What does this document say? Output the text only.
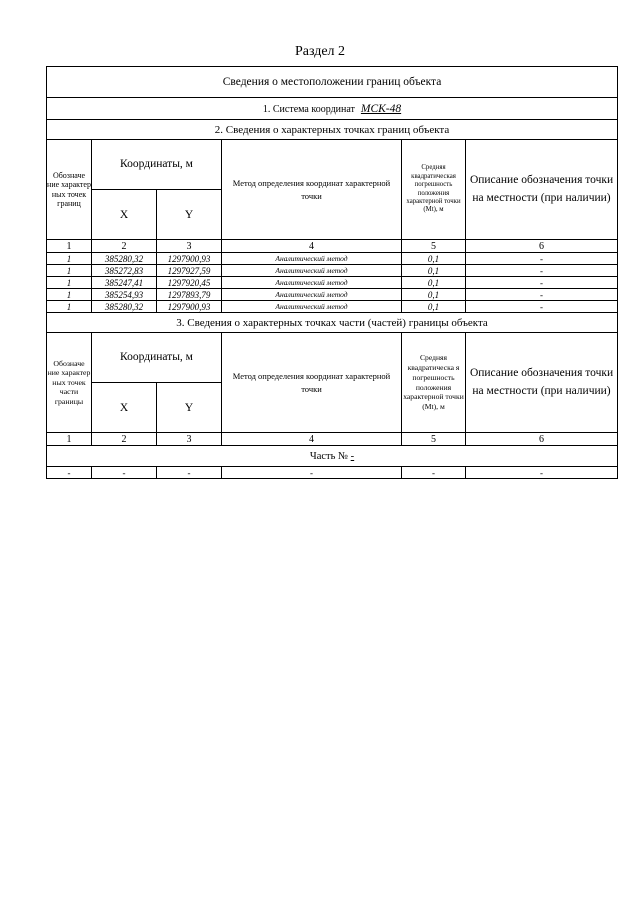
Раздел 2
Сведения о местоположении границ объекта					
1. Система координат МСК-48					
2. Сведения о характерных точках границ объекта					
Обозначе ние характер ных точек границ	Координаты, м		Метод определения координат характерной точки	Средняя квадратическая погрешность положения характерной точки (Mt), м	Описание обозначения точки на местности (при наличии)
	X	Y			
1	2	3	4	5	6
1	385280,32	1297900,93	Аналитический метод	0,1	-
1	385272,83	1297927,59	Аналитический метод	0,1	-
1	385247,41	1297920,45	Аналитический метод	0,1	-
1	385254,93	1297893,79	Аналитический метод	0,1	-
1	385280,32	1297900,93	Аналитический метод	0,1	-
3. Сведения о характерных точках части (частей) границы объекта					
Обозначе ние характер ных точек части границы	Координаты, м		Метод определения координат характерной точки	Средняя квадратическа я погрешность положения характерной точки (Mt), м	Описание обозначения точки на местности (при наличии)
	X	Y			
1	2	3	4	5	6
Часть № -					
-	-	-	-	-	-
